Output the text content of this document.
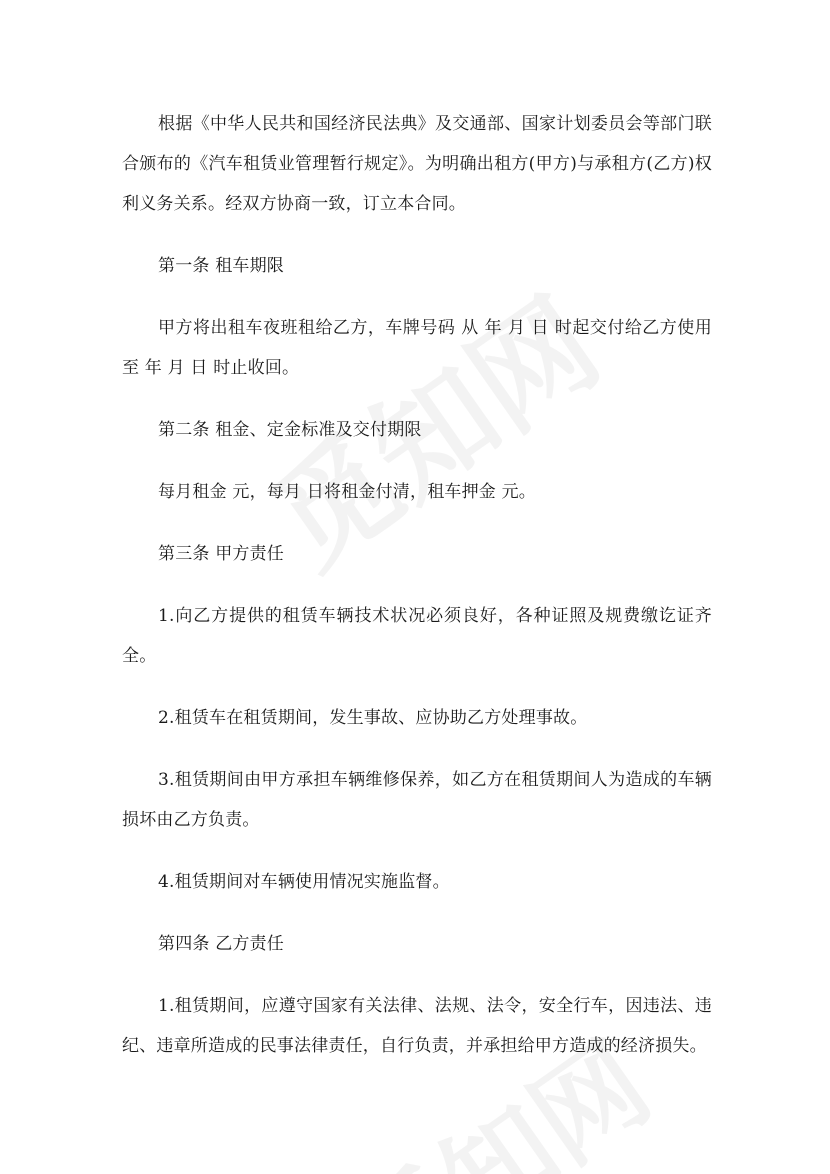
根据《中华人民共和国经济民法典》及交通部、国家计划委员会等部门联合颁布的《汽车租赁业管理暂行规定》。为明确出租方(甲方)与承租方(乙方)权利义务关系。经双方协商一致，订立本合同。

第一条 租车期限

甲方将出租车夜班租给乙方，车牌号码 从 年 月 日 时起交付给乙方使用至 年 月 日 时止收回。

第二条 租金、定金标准及交付期限

每月租金 元，每月 日将租金付清，租车押金 元。

第三条 甲方责任

1.向乙方提供的租赁车辆技术状况必须良好，各种证照及规费缴讫证齐全。

2.租赁车在租赁期间，发生事故、应协助乙方处理事故。

3.租赁期间由甲方承担车辆维修保养，如乙方在租赁期间人为造成的车辆损坏由乙方负责。

4.租赁期间对车辆使用情况实施监督。

第四条 乙方责任

1.租赁期间，应遵守国家有关法律、法规、法令，安全行车，因违法、违纪、违章所造成的民事法律责任，自行负责，并承担给甲方造成的经济损失。
